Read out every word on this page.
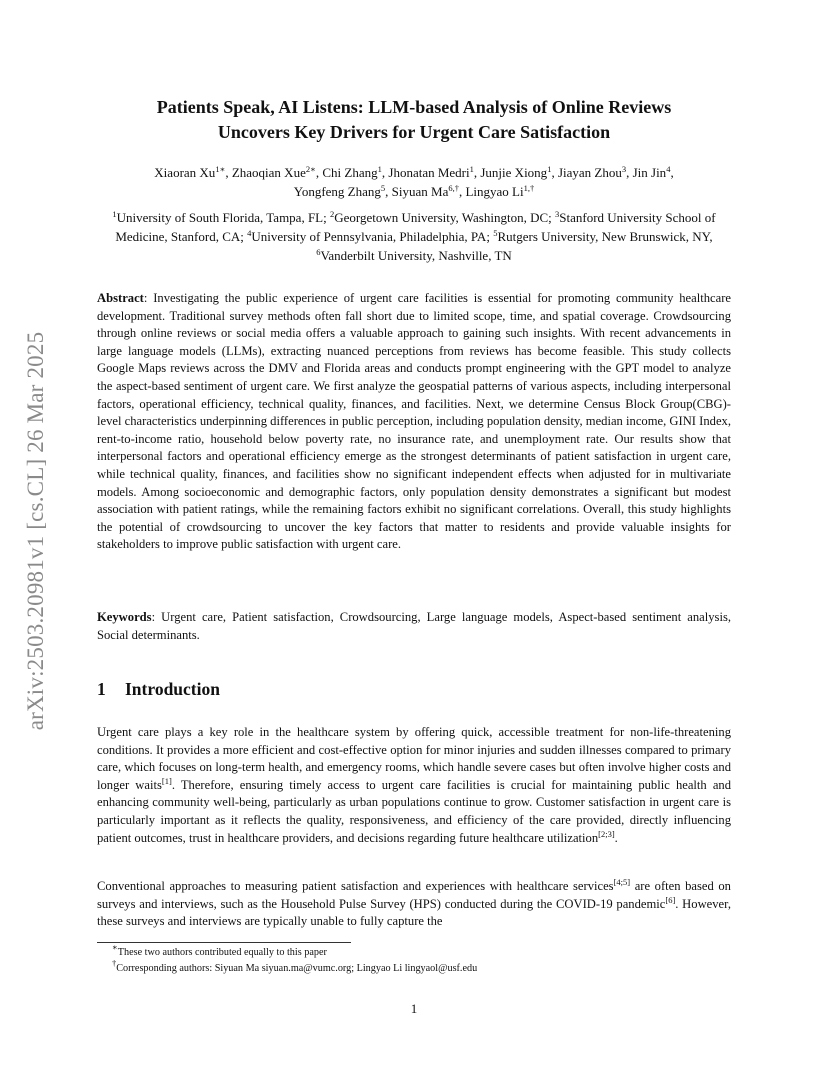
arXiv:2503.20981v1 [cs.CL] 26 Mar 2025
Patients Speak, AI Listens: LLM-based Analysis of Online Reviews
Uncovers Key Drivers for Urgent Care Satisfaction
Xiaoran $Xu^{1∗}$, Zhaoqian Xue$^{2∗}$, Chi Zhang$^1$, Jhonatan Medri$^1$, Junjie Xiong$^1$, Jiayan Zhou$^3$, Jin Jin$^4$,
Yongfeng Zhang$^5$, Siyuan $Ma^{6,\dagger}$, Lingyao $Li^{1,\dagger}$
$^1$University of South Florida, Tampa, FL; $^2$Georgetown University, Washington, DC; $^3$Stanford University School of Medicine, Stanford, CA; $^4$University of Pennsylvania, Philadelphia, PA; $^5$Rutgers University, New Brunswick, NY, $^6$Vanderbilt University, Nashville, TN
Abstract: Investigating the public experience of urgent care facilities is essential for promoting community healthcare development. Traditional survey methods often fall short due to limited scope, time, and spatial coverage. Crowdsourcing through online reviews or social media offers a valuable approach to gaining such insights. With recent advancements in large language models (LLMs), extracting nuanced perceptions from reviews has become feasible. This study collects Google Maps reviews across the DMV and Florida areas and conducts prompt engineering with the GPT model to analyze the aspect-based sentiment of urgent care. We first analyze the geospatial patterns of various aspects, including interpersonal factors, operational efficiency, technical quality, finances, and facilities. Next, we determine Census Block Group(CBG)-level characteristics underpinning differences in public perception, including population density, median income, GINI Index, rent-to-income ratio, household below poverty rate, no insurance rate, and unemployment rate. Our results show that interpersonal factors and operational efficiency emerge as the strongest determinants of patient satisfaction in urgent care, while technical quality, finances, and facilities show no significant independent effects when adjusted for in multivariate models. Among socioeconomic and demographic factors, only population density demonstrates a significant but modest association with patient ratings, while the remaining factors exhibit no significant correlations. Overall, this study highlights the potential of crowdsourcing to uncover the key factors that matter to residents and provide valuable insights for stakeholders to improve public satisfaction with urgent care.
Keywords: Urgent care, Patient satisfaction, Crowdsourcing, Large language models, Aspect-based sentiment analysis, Social determinants.
1 Introduction
Urgent care plays a key role in the healthcare system by offering quick, accessible treatment for non-life-threatening conditions. It provides a more efficient and cost-effective option for minor injuries and sudden illnesses compared to primary care, which focuses on long-term health, and emergency rooms, which handle severe cases but often involve higher costs and longer waits[1]. Therefore, ensuring timely access to urgent care facilities is crucial for maintaining public health and enhancing community well-being, particularly as urban populations continue to grow. Customer satisfaction in urgent care is particularly important as it reflects the quality, responsiveness, and efficiency of the care provided, directly influencing patient outcomes, trust in healthcare providers, and decisions regarding future healthcare utilization[2;3].
Conventional approaches to measuring patient satisfaction and experiences with healthcare services[4;5] are often based on surveys and interviews, such as the Household Pulse Survey (HPS) conducted during the COVID-19 pandemic[6]. However, these surveys and interviews are typically unable to fully capture the
∗These two authors contributed equally to this paper
†Corresponding authors: Siyuan Ma siyuan.ma@vumc.org; Lingyao Li lingyaol@usf.edu
1
